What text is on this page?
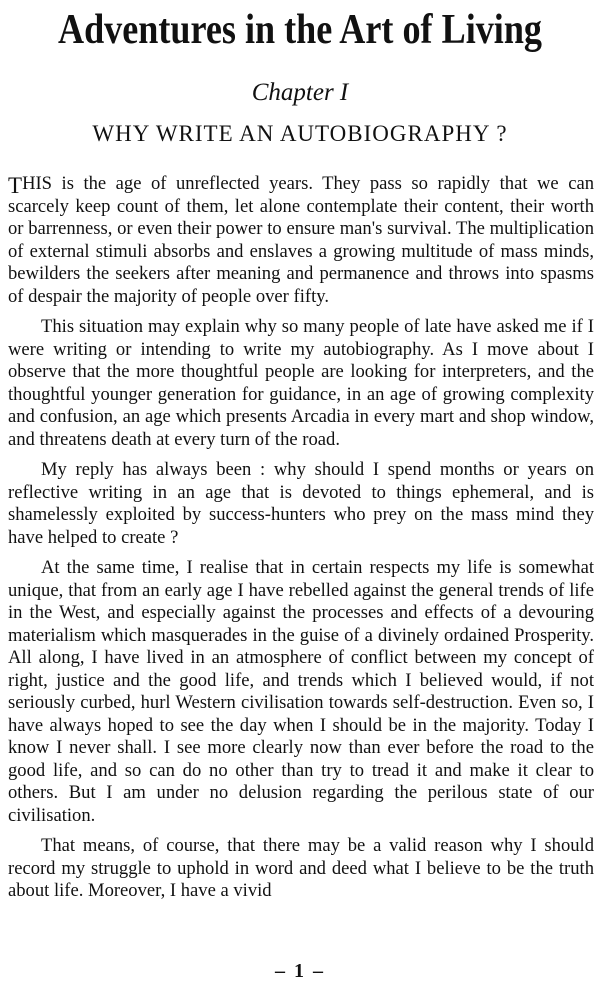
Adventures in the Art of Living
Chapter I
WHY WRITE AN AUTOBIOGRAPHY ?

THIS is the age of unreflected years. They pass so rapidly that we can scarcely keep count of them, let alone contemplate their content, their worth or barrenness, or even their power to ensure man's survival. The multiplication of external stimuli absorbs and enslaves a growing multitude of mass minds, bewilders the seekers after meaning and permanence and throws into spasms of despair the majority of people over fifty.

This situation may explain why so many people of late have asked me if I were writing or intending to write my autobiography. As I move about I observe that the more thoughtful people are looking for interpreters, and the thoughtful younger generation for guidance, in an age of growing complexity and confusion, an age which presents Arcadia in every mart and shop window, and threatens death at every turn of the road.

My reply has always been : why should I spend months or years on reflective writing in an age that is devoted to things ephemeral, and is shamelessly exploited by success-hunters who prey on the mass mind they have helped to create ?

At the same time, I realise that in certain respects my life is somewhat unique, that from an early age I have rebelled against the general trends of life in the West, and especially against the processes and effects of a devouring materialism which masquerades in the guise of a divinely ordained Prosperity. All along, I have lived in an atmosphere of conflict between my concept of right, justice and the good life, and trends which I believed would, if not seriously curbed, hurl Western civilisation towards self-destruction. Even so, I have always hoped to see the day when I should be in the majority. Today I know I never shall. I see more clearly now than ever before the road to the good life, and so can do no other than try to tread it and make it clear to others. But I am under no delusion regarding the perilous state of our civilisation.

That means, of course, that there may be a valid reason why I should record my struggle to uphold in word and deed what I believe to be the truth about life. Moreover, I have a vivid

– 1 –
